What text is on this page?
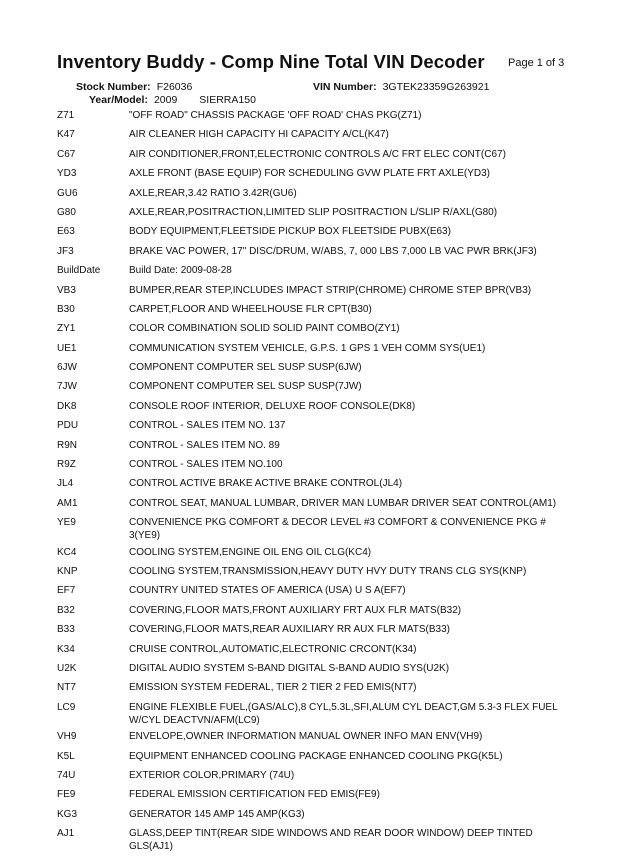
Inventory Buddy - Comp Nine Total VIN Decoder Page 1 of 3
Stock Number: F26036	VIN Number: 3GTEK23359G263921
Year/Model: 2009 SIERRA150
Z71	"OFF ROAD" CHASSIS PACKAGE 'OFF ROAD' CHAS PKG(Z71)
K47	AIR CLEANER HIGH CAPACITY HI CAPACITY A/CL(K47)
C67	AIR CONDITIONER,FRONT,ELECTRONIC CONTROLS A/C FRT ELEC CONT(C67)
YD3	AXLE FRONT (BASE EQUIP) FOR SCHEDULING GVW PLATE FRT AXLE(YD3)
GU6	AXLE,REAR,3.42 RATIO 3.42R(GU6)
G80	AXLE,REAR,POSITRACTION,LIMITED SLIP POSITRACTION L/SLIP R/AXL(G80)
E63	BODY EQUIPMENT,FLEETSIDE PICKUP BOX FLEETSIDE PUBX(E63)
JF3	BRAKE VAC POWER, 17" DISC/DRUM, W/ABS, 7, 000 LBS 7,000 LB VAC PWR BRK(JF3)
BuildDate	Build Date: 2009-08-28
VB3	BUMPER,REAR STEP,INCLUDES IMPACT STRIP(CHROME) CHROME STEP BPR(VB3)
B30	CARPET,FLOOR AND WHEELHOUSE FLR CPT(B30)
ZY1	COLOR COMBINATION SOLID SOLID PAINT COMBO(ZY1)
UE1	COMMUNICATION SYSTEM VEHICLE, G.P.S. 1 GPS 1 VEH COMM SYS(UE1)
6JW	COMPONENT COMPUTER SEL SUSP SUSP(6JW)
7JW	COMPONENT COMPUTER SEL SUSP SUSP(7JW)
DK8	CONSOLE ROOF INTERIOR, DELUXE ROOF CONSOLE(DK8)
PDU	CONTROL - SALES ITEM NO. 137
R9N	CONTROL - SALES ITEM NO. 89
R9Z	CONTROL - SALES ITEM NO.100
JL4	CONTROL ACTIVE BRAKE ACTIVE BRAKE CONTROL(JL4)
AM1	CONTROL SEAT, MANUAL LUMBAR, DRIVER MAN LUMBAR DRIVER SEAT CONTROL(AM1)
YE9	CONVENIENCE PKG COMFORT & DECOR LEVEL #3 COMFORT & CONVENIENCE PKG #
3(YE9)
KC4	COOLING SYSTEM,ENGINE OIL ENG OIL CLG(KC4)
KNP	COOLING SYSTEM,TRANSMISSION,HEAVY DUTY HVY DUTY TRANS CLG SYS(KNP)
EF7	COUNTRY UNITED STATES OF AMERICA (USA) U S A(EF7)
B32	COVERING,FLOOR MATS,FRONT AUXILIARY FRT AUX FLR MATS(B32)
B33	COVERING,FLOOR MATS,REAR AUXILIARY RR AUX FLR MATS(B33)
K34	CRUISE CONTROL,AUTOMATIC,ELECTRONIC CRCONT(K34)
U2K	DIGITAL AUDIO SYSTEM S-BAND DIGITAL S-BAND AUDIO SYS(U2K)
NT7	EMISSION SYSTEM FEDERAL, TIER 2 TIER 2 FED EMIS(NT7)
LC9	ENGINE FLEXIBLE FUEL,(GAS/ALC),8 CYL,5.3L,SFI,ALUM CYL DEACT,GM 5.3-3 FLEX FUEL
W/CYL DEACTVN/AFM(LC9)
VH9	ENVELOPE,OWNER INFORMATION MANUAL OWNER INFO MAN ENV(VH9)
K5L	EQUIPMENT ENHANCED COOLING PACKAGE ENHANCED COOLING PKG(K5L)
74U	EXTERIOR COLOR,PRIMARY (74U)
FE9	FEDERAL EMISSION CERTIFICATION FED EMIS(FE9)
KG3	GENERATOR 145 AMP 145 AMP(KG3)
AJ1	GLASS,DEEP TINT(REAR SIDE WINDOWS AND REAR DOOR WINDOW) DEEP TINTED
GLS(AJ1)
